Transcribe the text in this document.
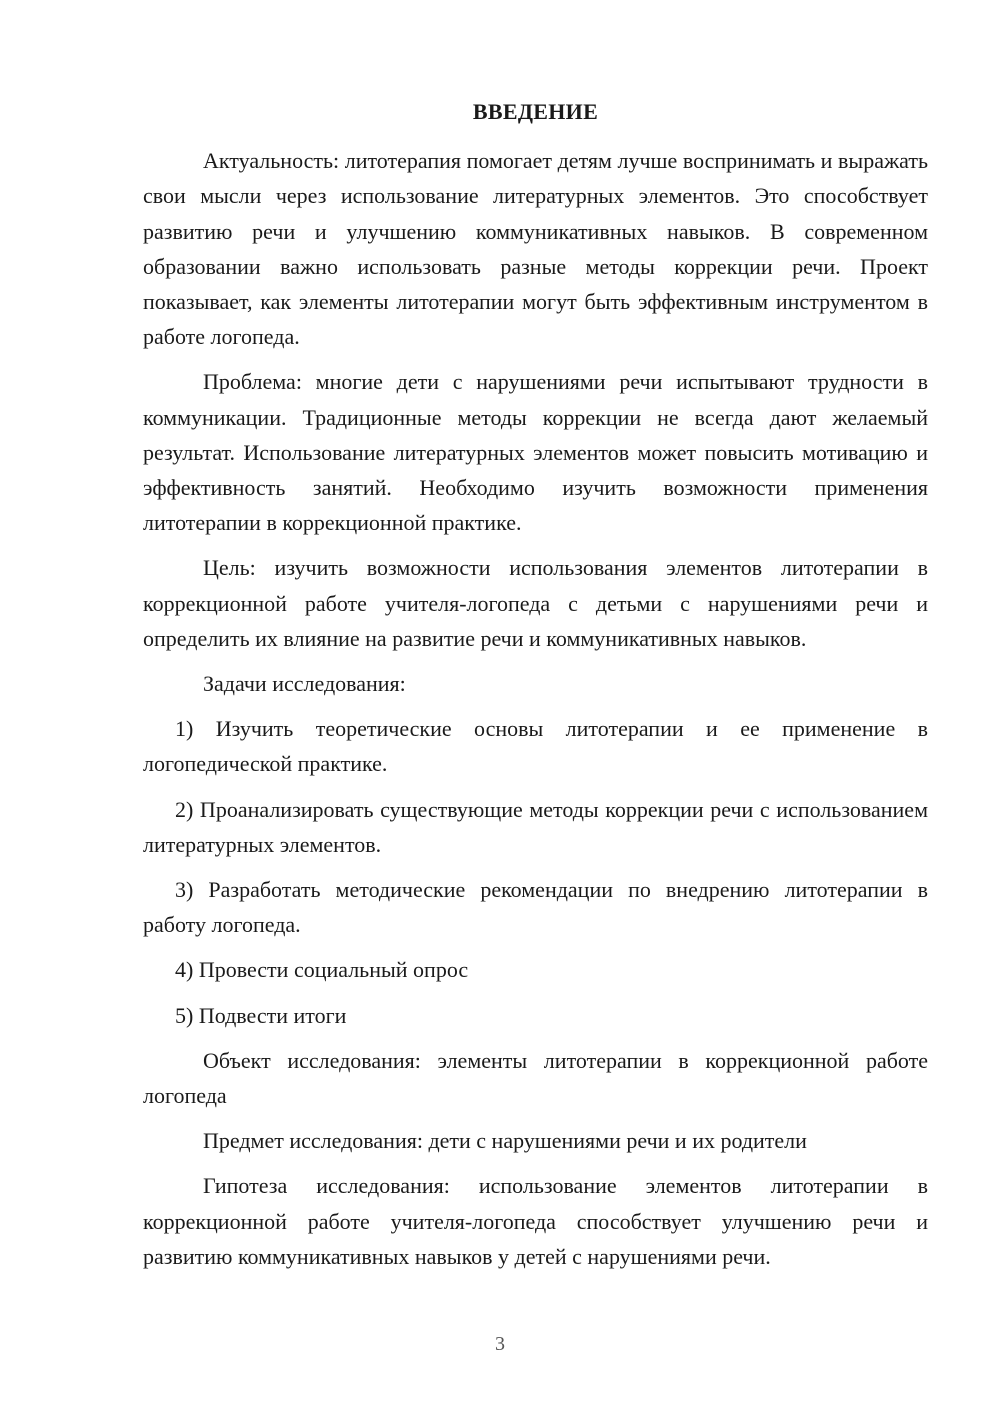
ВВЕДЕНИЕ

Актуальность: литотерапия помогает детям лучше воспринимать и выражать свои мысли через использование литературных элементов. Это способствует развитию речи и улучшению коммуникативных навыков. В современном образовании важно использовать разные методы коррекции речи. Проект показывает, как элементы литотерапии могут быть эффективным инструментом в работе логопеда.

Проблема: многие дети с нарушениями речи испытывают трудности в коммуникации. Традиционные методы коррекции не всегда дают желаемый результат. Использование литературных элементов может повысить мотивацию и эффективность занятий. Необходимо изучить возможности применения литотерапии в коррекционной практике.

Цель: изучить возможности использования элементов литотерапии в коррекционной работе учителя-логопеда с детьми с нарушениями речи и определить их влияние на развитие речи и коммуникативных навыков.

Задачи исследования:

1) Изучить теоретические основы литотерапии и ее применение в логопедической практике.

2) Проанализировать существующие методы коррекции речи с использованием литературных элементов.

3) Разработать методические рекомендации по внедрению литотерапии в работу логопеда.

4) Провести социальный опрос

5) Подвести итоги

Объект исследования: элементы литотерапии в коррекционной работе логопеда

Предмет исследования: дети с нарушениями речи и их родители

Гипотеза исследования: использование элементов литотерапии в коррекционной работе учителя-логопеда способствует улучшению речи и развитию коммуникативных навыков у детей с нарушениями речи.

3
